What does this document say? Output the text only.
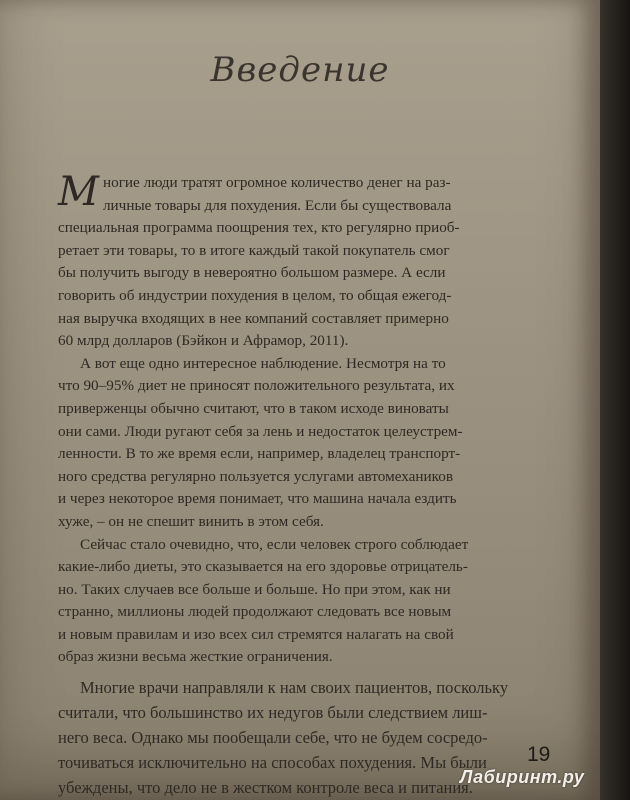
Введение

М ногие люди тратят огромное количество денег на раз-
личные товары для похудения. Если бы существовала
специальная программа поощрения тех, кто регулярно приоб-
ретает эти товары, то в итоге каждый такой покупатель смог
бы получить выгоду в невероятно большом размере. А если
говорить об индустрии похудения в целом, то общая ежегод-
ная выручка входящих в нее компаний составляет примерно
60 млрд долларов (Бэйкон и Афрамор, 2011).

А вот еще одно интересное наблюдение. Несмотря на то
что 90–95% диет не приносят положительного результата, их
приверженцы обычно считают, что в таком исходе виноваты
они сами. Люди ругают себя за лень и недостаток целеустрем-
ленности. В то же время если, например, владелец транспорт-
ного средства регулярно пользуется услугами автомехаников
и через некоторое время понимает, что машина начала ездить
хуже, – он не спешит винить в этом себя.

Сейчас стало очевидно, что, если человек строго соблюдает
какие-либо диеты, это сказывается на его здоровье отрицатель-
но. Таких случаев все больше и больше. Но при этом, как ни
странно, миллионы людей продолжают следовать все новым
и новым правилам и изо всех сил стремятся налагать на свой
образ жизни весьма жесткие ограничения.

Многие врачи направляли к нам своих пациентов, поскольку
считали, что большинство их недугов были следствием лиш-
него веса. Однако мы пообещали себе, что не будем сосредо-
точиваться исключительно на способах похудения. Мы были
убеждены, что дело не в жестком контроле веса и питания.

19
Лабиринт.ру
